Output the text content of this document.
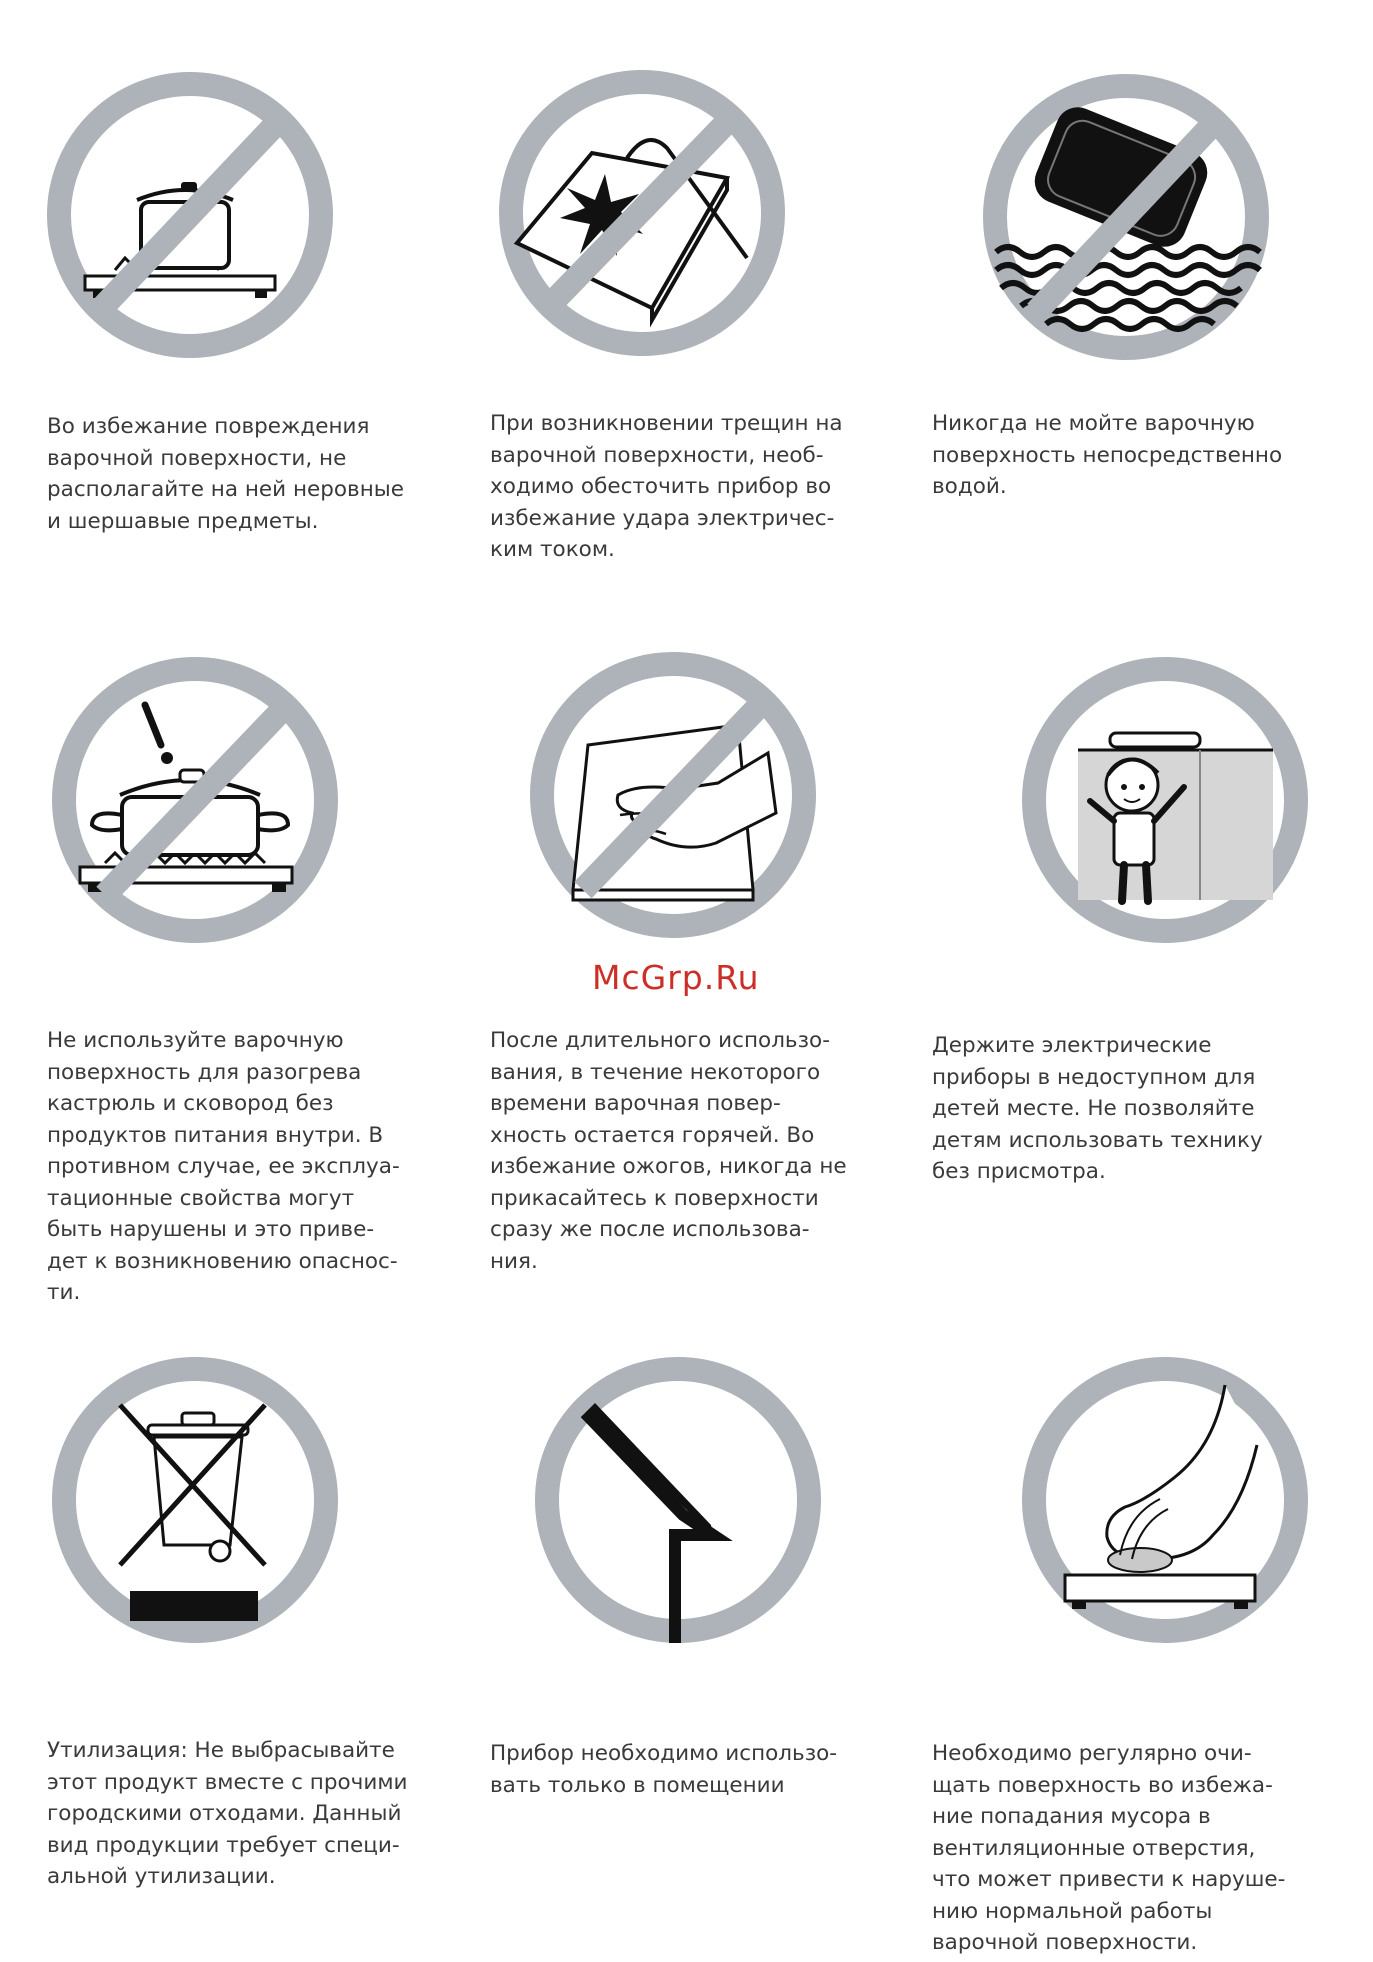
Во избежание повреждения
варочной поверхности, не
располагайте на ней неровные
и шершавые предметы.

При возникновении трещин на
варочной поверхности, необ-
ходимо обесточить прибор во
избежание удара электричес-
ким током.

Никогда не мойте варочную
поверхность непосредственно
водой.

Не используйте варочную
поверхность для разогрева
кастрюль и сковород без
продуктов питания внутри. В
противном случае, ее эксплуа-
тационные свойства могут
быть нарушены и это приве-
дет к возникновению опаснос-
ти.

После длительного использо-
вания, в течение некоторого
времени варочная повер-
хность остается горячей. Во
избежание ожогов, никогда не
прикасайтесь к поверхности
сразу же после использова-
ния.

Держите электрические
приборы в недоступном для
детей месте. Не позволяйте
детям использовать технику
без присмотра.

Утилизация: Не выбрасывайте
этот продукт вместе с прочими
городскими отходами. Данный
вид продукции требует специ-
альной утилизации.

Прибор необходимо использо-
вать только в помещении

Необходимо регулярно очи-
щать поверхность во избежа-
ние попадания мусора в
вентиляционные отверстия,
что может привести к наруше-
нию нормальной работы
варочной поверхности.

McGrp.Ru
